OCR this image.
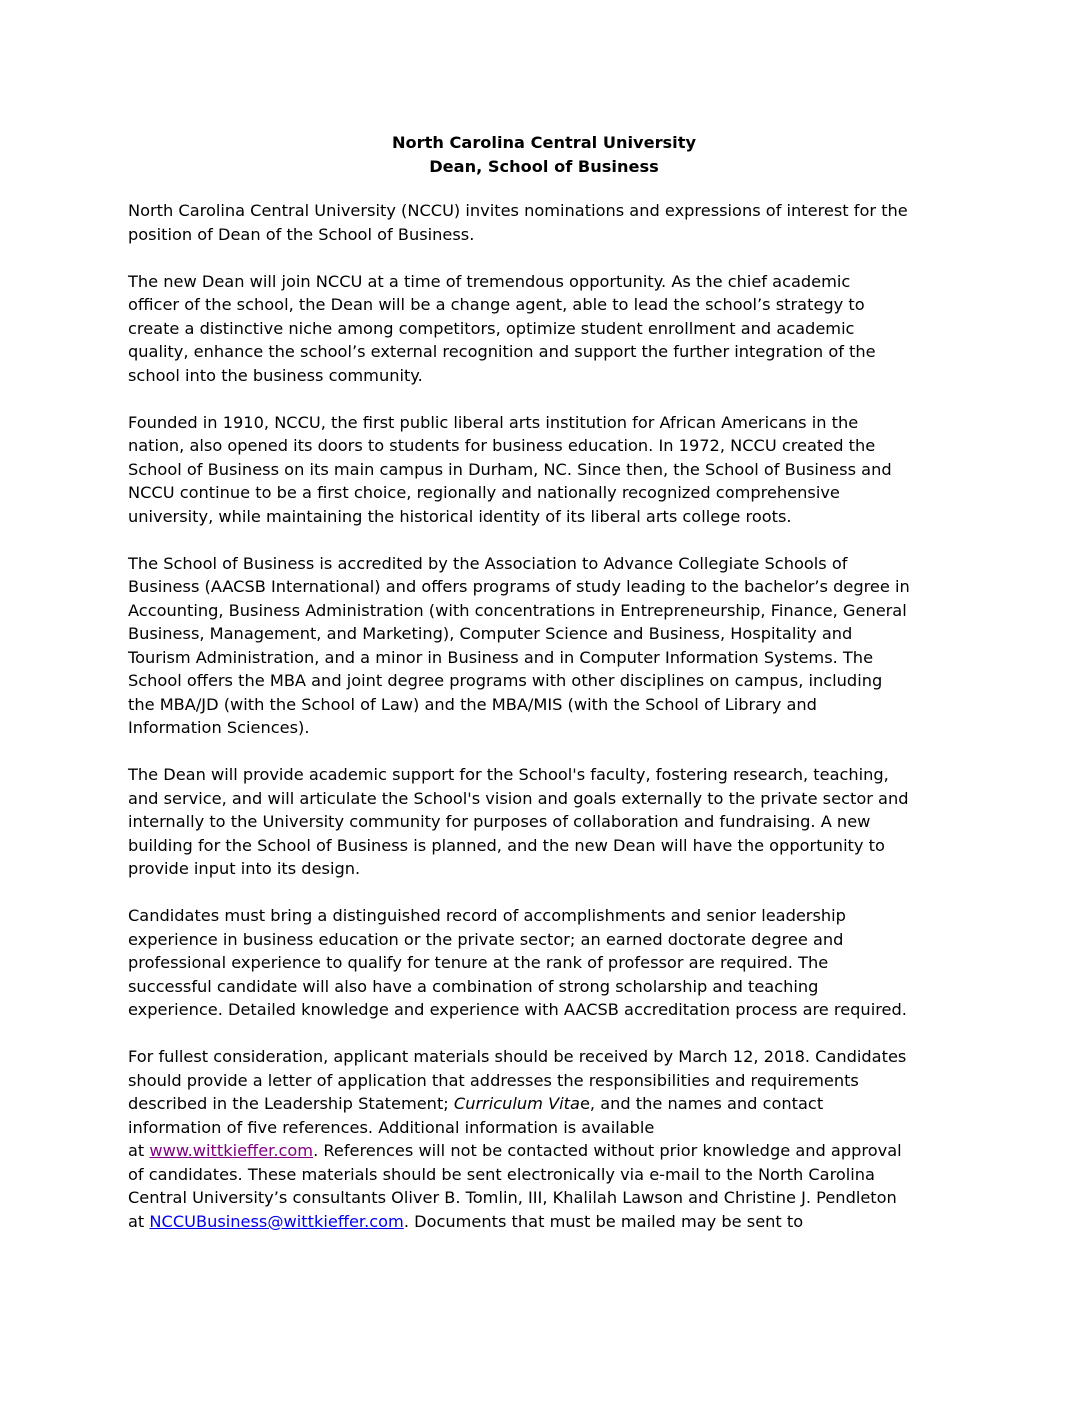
North Carolina Central University
Dean, School of Business
North Carolina Central University (NCCU) invites nominations and expressions of interest for the
position of Dean of the School of Business.
The new Dean will join NCCU at a time of tremendous opportunity. As the chief academic
officer of the school, the Dean will be a change agent, able to lead the school’s strategy to
create a distinctive niche among competitors, optimize student enrollment and academic
quality, enhance the school’s external recognition and support the further integration of the
school into the business community.
Founded in 1910, NCCU, the first public liberal arts institution for African Americans in the
nation, also opened its doors to students for business education. In 1972, NCCU created the
School of Business on its main campus in Durham, NC. Since then, the School of Business and
NCCU continue to be a first choice, regionally and nationally recognized comprehensive
university, while maintaining the historical identity of its liberal arts college roots.
The School of Business is accredited by the Association to Advance Collegiate Schools of
Business (AACSB International) and offers programs of study leading to the bachelor’s degree in
Accounting, Business Administration (with concentrations in Entrepreneurship, Finance, General
Business, Management, and Marketing), Computer Science and Business, Hospitality and
Tourism Administration, and a minor in Business and in Computer Information Systems. The
School offers the MBA and joint degree programs with other disciplines on campus, including
the MBA/JD (with the School of Law) and the MBA/MIS (with the School of Library and
Information Sciences).
The Dean will provide academic support for the School's faculty, fostering research, teaching,
and service, and will articulate the School's vision and goals externally to the private sector and
internally to the University community for purposes of collaboration and fundraising. A new
building for the School of Business is planned, and the new Dean will have the opportunity to
provide input into its design.
Candidates must bring a distinguished record of accomplishments and senior leadership
experience in business education or the private sector; an earned doctorate degree and
professional experience to qualify for tenure at the rank of professor are required. The
successful candidate will also have a combination of strong scholarship and teaching
experience. Detailed knowledge and experience with AACSB accreditation process are required.
For fullest consideration, applicant materials should be received by March 12, 2018. Candidates
should provide a letter of application that addresses the responsibilities and requirements
described in the Leadership Statement; Curriculum Vitae, and the names and contact
information of five references. Additional information is available
at www.wittkieffer.com. References will not be contacted without prior knowledge and approval
of candidates. These materials should be sent electronically via e-mail to the North Carolina
Central University’s consultants Oliver B. Tomlin, III, Khalilah Lawson and Christine J. Pendleton
at NCCUBusiness@wittkieffer.com. Documents that must be mailed may be sent to
